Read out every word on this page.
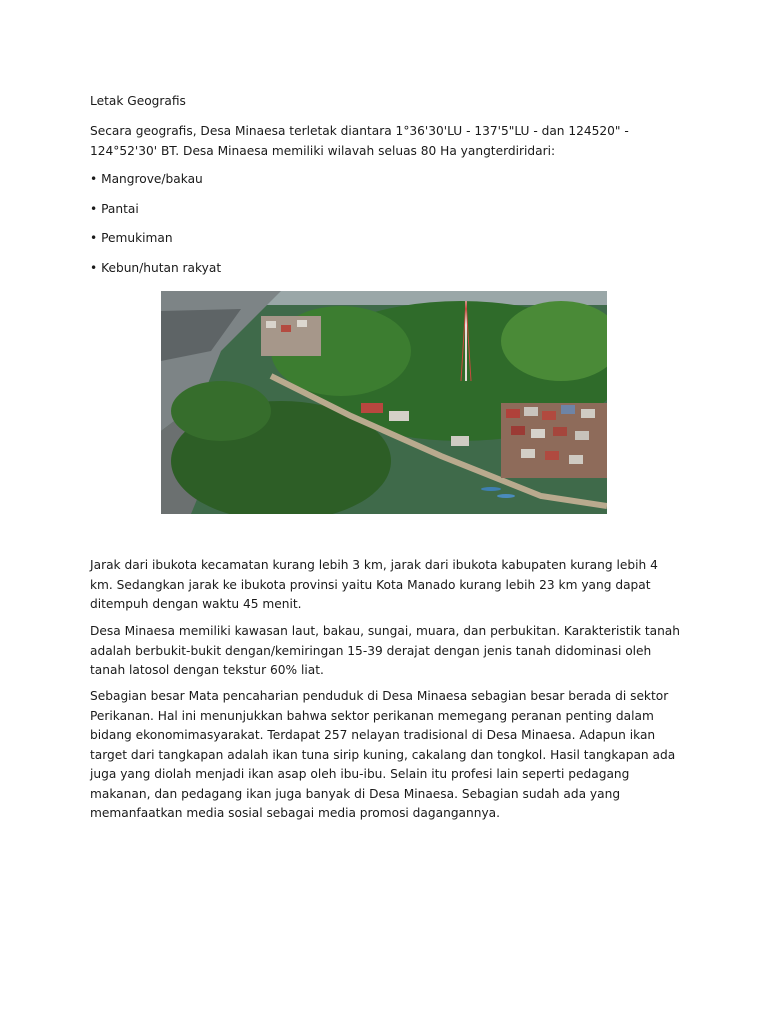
Letak Geografis
Secara geografis, Desa Minaesa terletak diantara 1°36'30'LU - 137'5"LU - dan 124520" - 124°52'30' BT. Desa Minaesa memiliki wilavah seluas 80 Ha yangterdiridari:
• Mangrove/bakau
• Pantai
• Pemukiman
• Kebun/hutan rakyat

Jarak dari ibukota kecamatan kurang lebih 3 km, jarak dari ibukota kabupaten kurang lebih 4 km. Sedangkan jarak ke ibukota provinsi yaitu Kota Manado kurang lebih 23 km yang dapat ditempuh dengan waktu 45 menit.

Desa Minaesa memiliki kawasan laut, bakau, sungai, muara, dan perbukitan. Karakteristik tanah adalah berbukit-bukit dengan/kemiringan 15-39 derajat dengan jenis tanah didominasi oleh tanah latosol dengan tekstur 60% liat.

Sebagian besar Mata pencaharian penduduk di Desa Minaesa sebagian besar berada di sektor Perikanan. Hal ini menunjukkan bahwa sektor perikanan memegang peranan penting dalam bidang ekonomimasyarakat. Terdapat 257 nelayan tradisional di Desa Minaesa. Adapun ikan target dari tangkapan adalah ikan tuna sirip kuning, cakalang dan tongkol. Hasil tangkapan ada juga yang diolah menjadi ikan asap oleh ibu-ibu. Selain itu profesi lain seperti pedagang makanan, dan pedagang ikan juga banyak di Desa Minaesa. Sebagian sudah ada yang memanfaatkan media sosial sebagai media promosi dagangannya.
